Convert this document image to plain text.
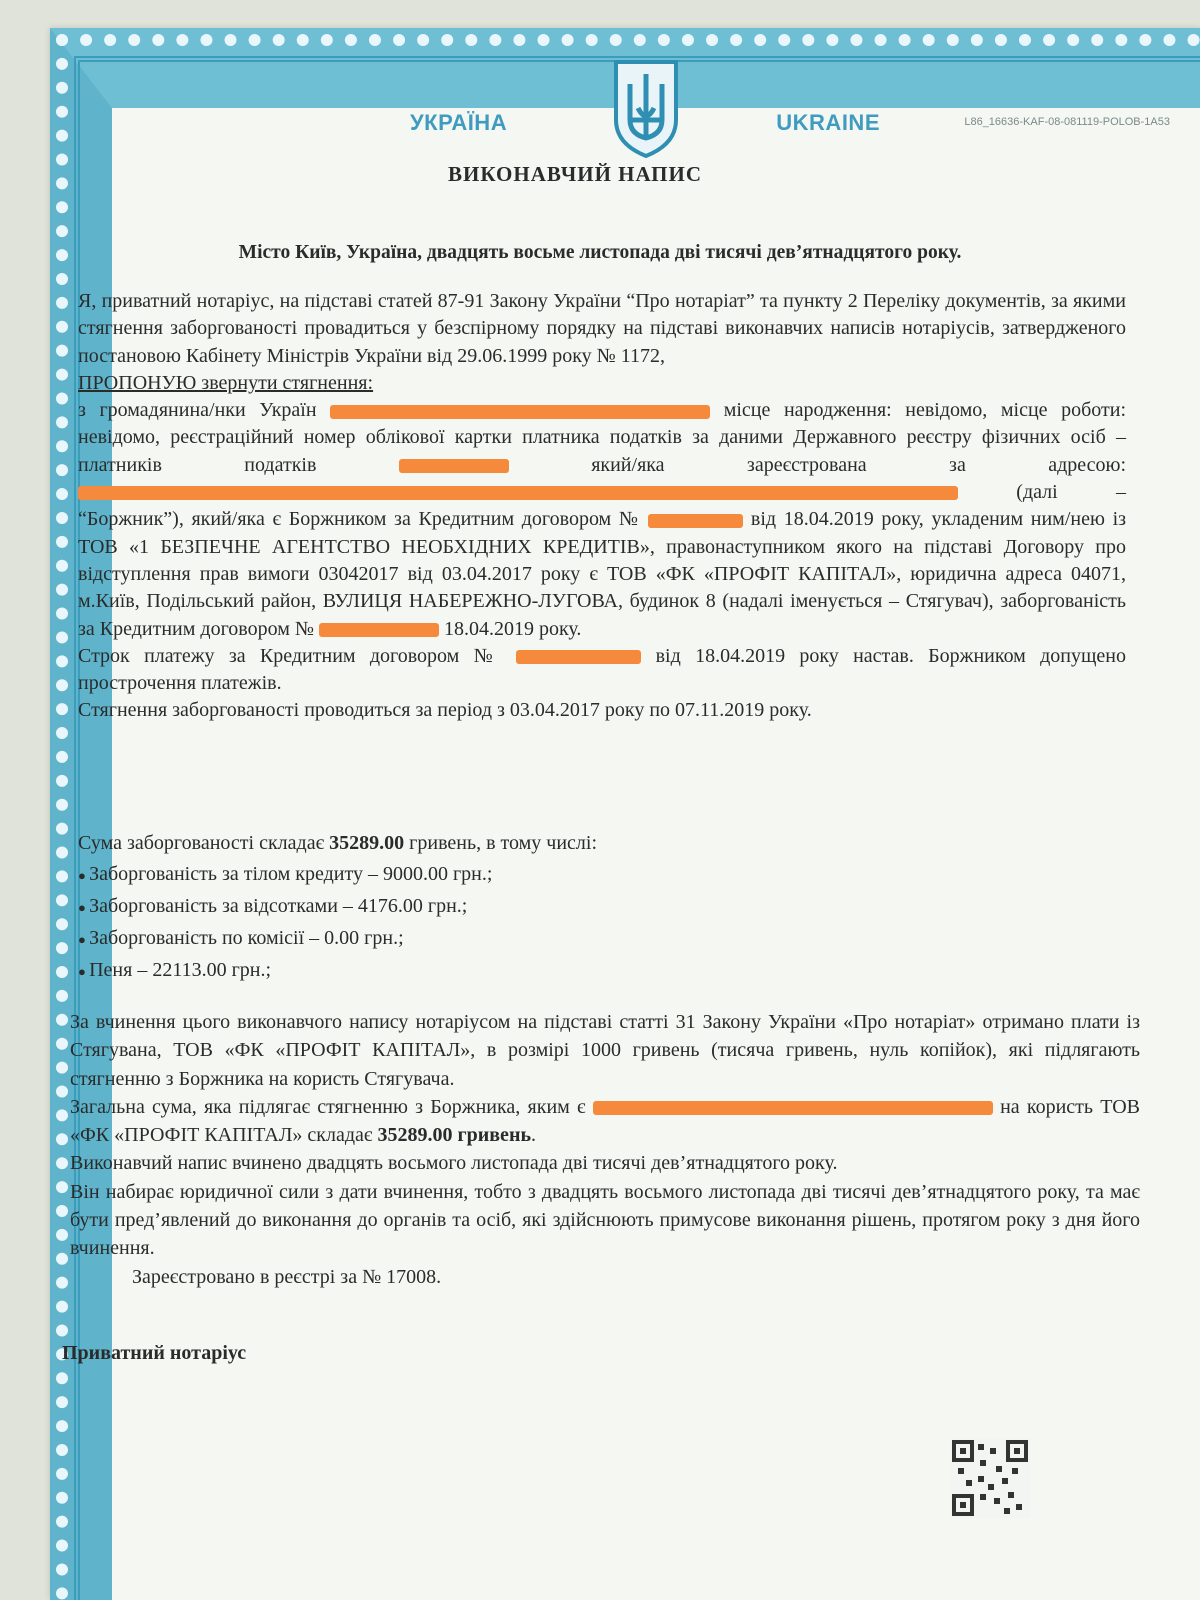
УКРАЇНА	UKRAINE	L86_16636-KAF-08-081119-POLOB-1A53
ВИКОНАВЧИЙ НАПИС
Місто Київ, Україна, двадцять восьме листопада дві тисячі дев’ятнадцятого року.

Я, приватний нотаріус, на підставі статей 87-91 Закону України “Про нотаріат” та пункту 2 Переліку документів, за якими стягнення заборгованості провадиться у безспірному порядку на підставі виконавчих написів нотаріусів, затвердженого постановою Кабінету Міністрів України від 29.06.1999 року № 1172,

ПРОПОНУЮ звернути стягнення:

з громадянина/нки Україн	місце народження: невідомо, місце роботи: невідомо, реєстраційний номер облікової картки платника податків за даними Державного реєстру фізичних осіб – платників податків	який/яка зареєстрована за адресою:  (далі – “Боржник”), який/яка є Боржником за Кредитним договором №	від 18.04.2019 року, укладеним ним/нею із ТОВ «1 БЕЗПЕЧНЕ АГЕНТСТВО НЕОБХІДНИХ КРЕДИТІВ», правонаступником якого на підставі Договору про відступлення прав вимоги 03042017 від 03.04.2017 року є ТОВ «ФК «ПРОФІТ КАПІТАЛ», юридична адреса 04071, м.Київ, Подільський район, ВУЛИЦЯ НАБЕРЕЖНО-ЛУГОВА, будинок 8 (надалі іменується – Стягувач), заборгованість за Кредитним договором №	18.04.2019 року.

Строк платежу за Кредитним договором №	від 18.04.2019 року настав. Боржником допущено прострочення платежів.

Стягнення заборгованості проводиться за період з 03.04.2017 року по 07.11.2019 року.

Сума заборгованості складає 35289.00 гривень, в тому числі:
● Заборгованість за тілом кредиту – 9000.00 грн.;
● Заборгованість за відсотками – 4176.00 грн.;
● Заборгованість по комісії – 0.00 грн.;
● Пеня – 22113.00 грн.;

За вчинення цього виконавчого напису нотаріусом на підставі статті 31 Закону України «Про нотаріат» отримано плати із Стягувана, ТОВ «ФК «ПРОФІТ КАПІТАЛ», в розмірі 1000 гривень (тисяча гривень, нуль копійок), які підлягають стягненню з Боржника на користь Стягувача.

Загальна сума, яка підлягає стягненню з Боржника, яким є	на користь ТОВ «ФК «ПРОФІТ КАПІТАЛ» складає 35289.00 гривень.

Виконавчий напис вчинено двадцять восьмого листопада дві тисячі дев’ятнадцятого року.

Він набирає юридичної сили з дати вчинення, тобто з двадцять восьмого листопада дві тисячі дев’ятнадцятого року, та має бути пред’явлений до виконання до органів та осіб, які здійснюють примусове виконання рішень, протягом року з дня його вчинення.

Зареєстровано в реєстрі за № 17008.

Приватний нотаріус
